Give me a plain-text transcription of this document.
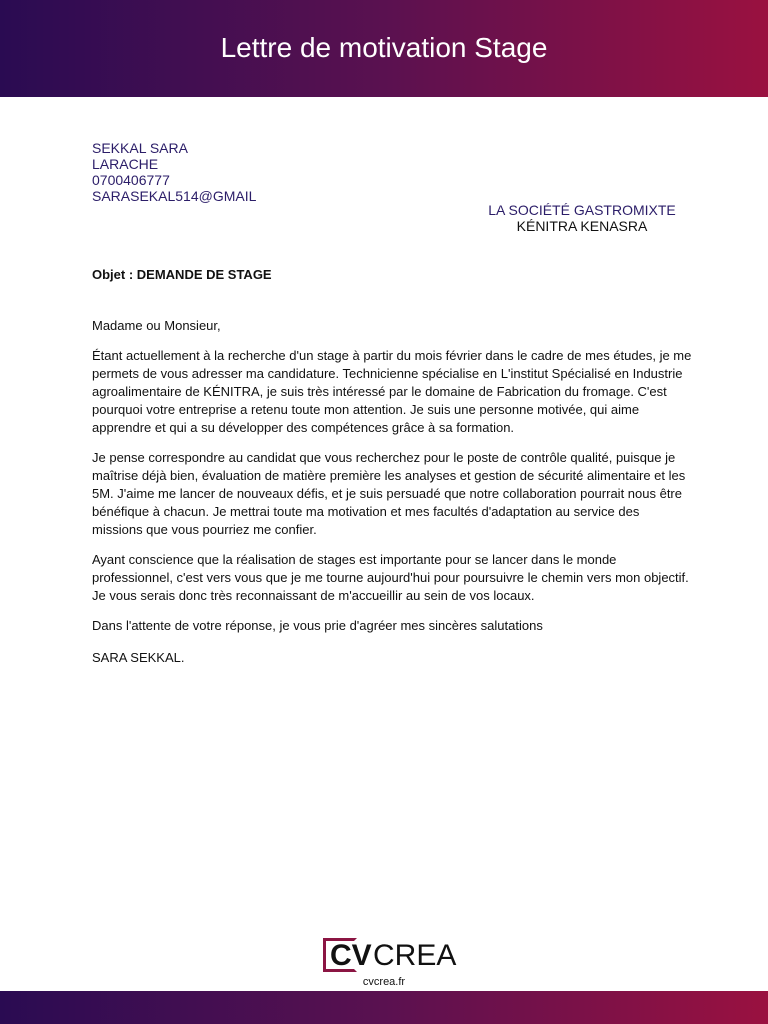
Lettre de motivation Stage
SEKKAL SARA
LARACHE
0700406777
SARASEKAL514@GMAIL
LA SOCIÉTÉ GASTROMIXTE
KÉNITRA KENASRA
Objet : DEMANDE DE STAGE

Madame ou Monsieur,

Étant actuellement à la recherche d'un stage à partir du mois février dans le cadre de mes études, je me permets de vous adresser ma candidature. Technicienne spécialise en L'institut Spécialisé en Industrie agroalimentaire de KÉNITRA, je suis très intéressé par le domaine de Fabrication du fromage. C'est pourquoi votre entreprise a retenu toute mon attention. Je suis une personne motivée, qui aime apprendre et qui a su développer des compétences grâce à sa formation.

Je pense correspondre au candidat que vous recherchez pour le poste de contrôle qualité, puisque je maîtrise déjà bien, évaluation de matière première les analyses et gestion de sécurité alimentaire et les 5M. J'aime me lancer de nouveaux défis, et je suis persuadé que notre collaboration pourrait nous être bénéfique à chacun. Je mettrai toute ma motivation et mes facultés d'adaptation au service des missions que vous pourriez me confier.

Ayant conscience que la réalisation de stages est importante pour se lancer dans le monde professionnel, c'est vers vous que je me tourne aujourd'hui pour poursuivre le chemin vers mon objectif. Je vous serais donc très reconnaissant de m'accueillir au sein de vos locaux.

Dans l'attente de votre réponse, je vous prie d'agréer mes sincères salutations

SARA SEKKAL.

CV CREA
cvcrea.fr
